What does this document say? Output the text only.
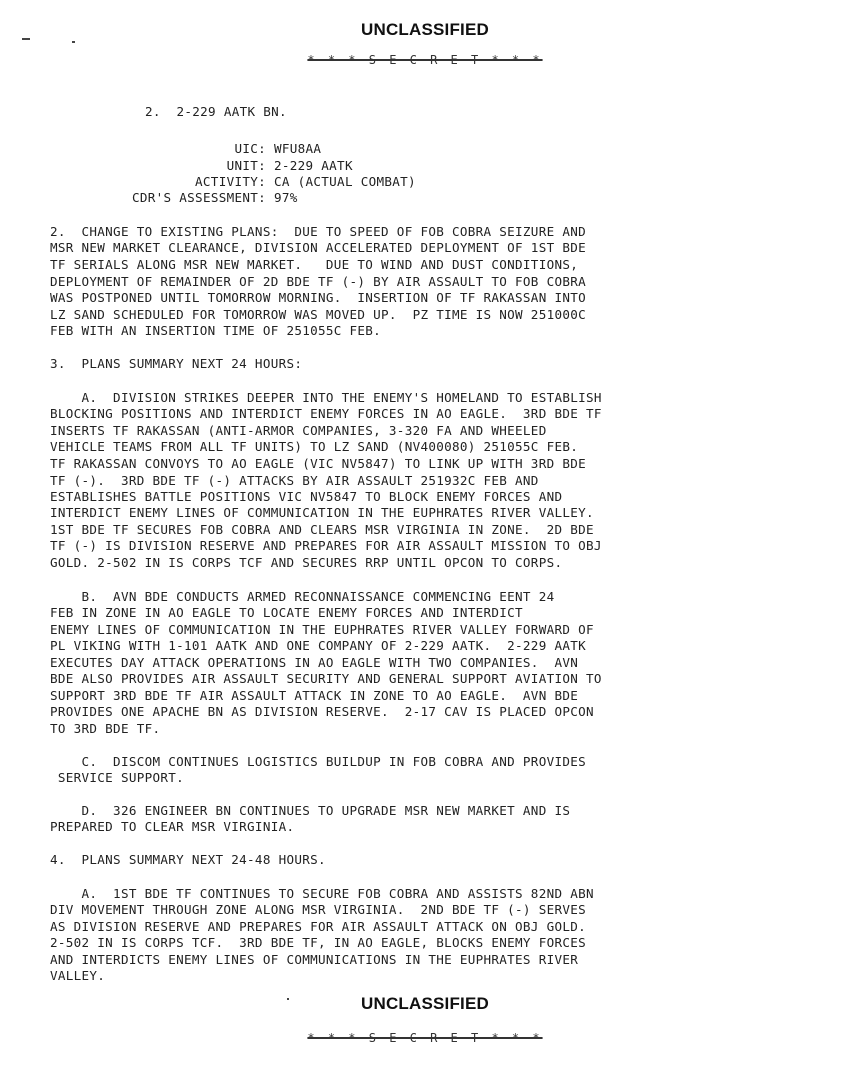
UNCLASSIFIED
* * * S E C R E T * * *
2.  2-229 AATK BN.
UIC: WFU8AA
UNIT: 2-229 AATK
ACTIVITY: CA (ACTUAL COMBAT)
CDR'S ASSESSMENT: 97%
2.  CHANGE TO EXISTING PLANS:  DUE TO SPEED OF FOB COBRA SEIZURE AND
MSR NEW MARKET CLEARANCE, DIVISION ACCELERATED DEPLOYMENT OF 1ST BDE
TF SERIALS ALONG MSR NEW MARKET.   DUE TO WIND AND DUST CONDITIONS,
DEPLOYMENT OF REMAINDER OF 2D BDE TF (-) BY AIR ASSAULT TO FOB COBRA
WAS POSTPONED UNTIL TOMORROW MORNING.  INSERTION OF TF RAKASSAN INTO
LZ SAND SCHEDULED FOR TOMORROW WAS MOVED UP.  PZ TIME IS NOW 251000C
FEB WITH AN INSERTION TIME OF 251055C FEB.
3.  PLANS SUMMARY NEXT 24 HOURS:
A.  DIVISION STRIKES DEEPER INTO THE ENEMY'S HOMELAND TO ESTABLISH
BLOCKING POSITIONS AND INTERDICT ENEMY FORCES IN AO EAGLE.  3RD BDE TF
INSERTS TF RAKASSAN (ANTI-ARMOR COMPANIES, 3-320 FA AND WHEELED
VEHICLE TEAMS FROM ALL TF UNITS) TO LZ SAND (NV400080) 251055C FEB.
TF RAKASSAN CONVOYS TO AO EAGLE (VIC NV5847) TO LINK UP WITH 3RD BDE
TF (-).  3RD BDE TF (-) ATTACKS BY AIR ASSAULT 251932C FEB AND
ESTABLISHES BATTLE POSITIONS VIC NV5847 TO BLOCK ENEMY FORCES AND
INTERDICT ENEMY LINES OF COMMUNICATION IN THE EUPHRATES RIVER VALLEY.
1ST BDE TF SECURES FOB COBRA AND CLEARS MSR VIRGINIA IN ZONE.  2D BDE
TF (-) IS DIVISION RESERVE AND PREPARES FOR AIR ASSAULT MISSION TO OBJ
GOLD. 2-502 IN IS CORPS TCF AND SECURES RRP UNTIL OPCON TO CORPS.
B.  AVN BDE CONDUCTS ARMED RECONNAISSANCE COMMENCING EENT 24
FEB IN ZONE IN AO EAGLE TO LOCATE ENEMY FORCES AND INTERDICT
ENEMY LINES OF COMMUNICATION IN THE EUPHRATES RIVER VALLEY FORWARD OF
PL VIKING WITH 1-101 AATK AND ONE COMPANY OF 2-229 AATK.  2-229 AATK
EXECUTES DAY ATTACK OPERATIONS IN AO EAGLE WITH TWO COMPANIES.  AVN
BDE ALSO PROVIDES AIR ASSAULT SECURITY AND GENERAL SUPPORT AVIATION TO
SUPPORT 3RD BDE TF AIR ASSAULT ATTACK IN ZONE TO AO EAGLE.  AVN BDE
PROVIDES ONE APACHE BN AS DIVISION RESERVE.  2-17 CAV IS PLACED OPCON
TO 3RD BDE TF.
C.  DISCOM CONTINUES LOGISTICS BUILDUP IN FOB COBRA AND PROVIDES
SERVICE SUPPORT.
D.  326 ENGINEER BN CONTINUES TO UPGRADE MSR NEW MARKET AND IS
PREPARED TO CLEAR MSR VIRGINIA.
4.  PLANS SUMMARY NEXT 24-48 HOURS.
A.  1ST BDE TF CONTINUES TO SECURE FOB COBRA AND ASSISTS 82ND ABN
DIV MOVEMENT THROUGH ZONE ALONG MSR VIRGINIA.  2ND BDE TF (-) SERVES
AS DIVISION RESERVE AND PREPARES FOR AIR ASSAULT ATTACK ON OBJ GOLD.
2-502 IN IS CORPS TCF.  3RD BDE TF, IN AO EAGLE, BLOCKS ENEMY FORCES
AND INTERDICTS ENEMY LINES OF COMMUNICATIONS IN THE EUPHRATES RIVER
VALLEY.
UNCLASSIFIED
* * * S E C R E T * * *
